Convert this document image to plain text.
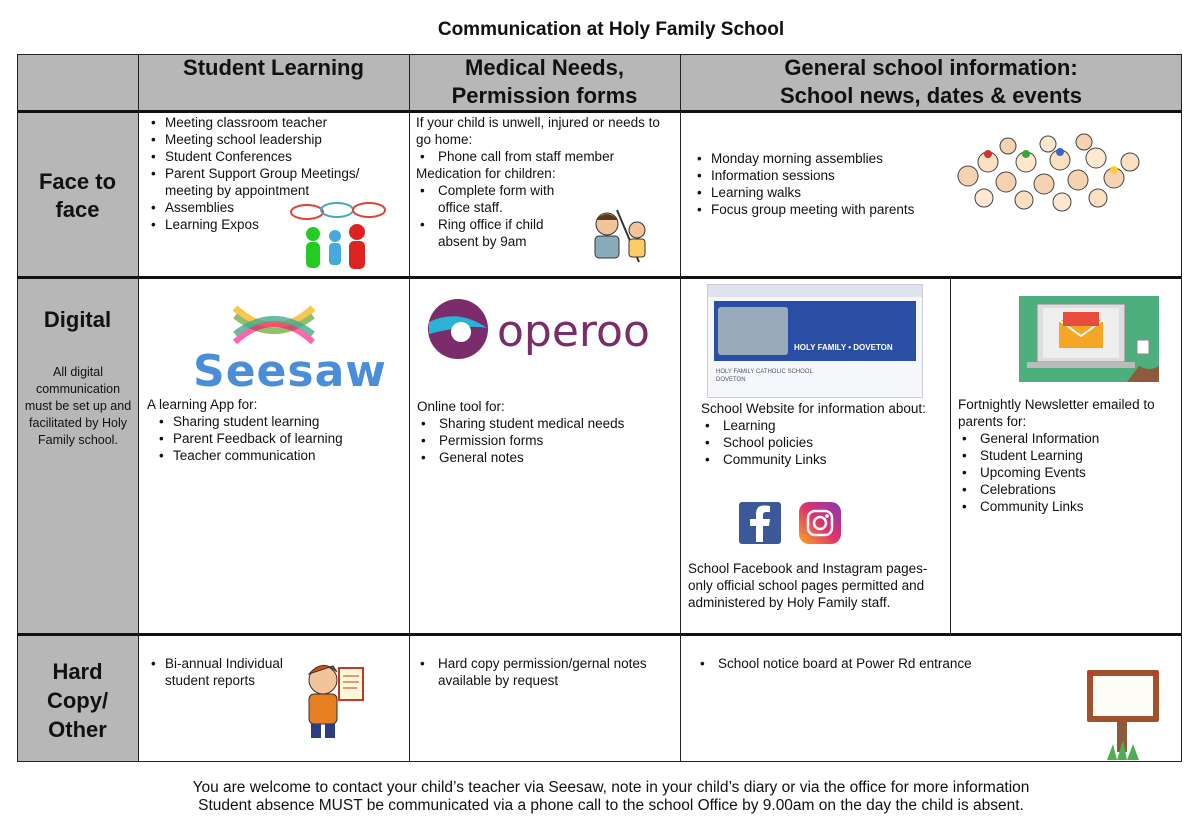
Communication at Holy Family School
Student Learning	Medical Needs,
Permission forms
General school information:
School news, dates & events
Face to
face
• Meeting classroom teacher
• Meeting school leadership
• Student Conferences
• Parent Support Group Meetings/ meeting by appointment
• Assemblies
• Learning Expos

If your child is unwell, injured or needs to go home:

• Phone call from staff member

Medication for children:

• Complete form with office staff.
• Ring office if child absent by 9am
• Monday morning assemblies
• Information sessions
• Learning walks
• Focus group meeting with parents
Digital
All digital communication must be set up and facilitated by Holy Family school.
Seesaw

A learning App for:

• Sharing student learning
• Parent Feedback of learning
• Teacher communication
operoo

Online tool for:

• Sharing student medical needs
• Permission forms
• General notes
HOLY FAMILY • DOVETON
HOLY FAMILY CATHOLIC SCHOOL
DOVETON

School Website for information about:

• Learning
• School policies
• Community Links
School Facebook and Instagram pages- only official school pages permitted and administered by Holy Family staff.

Fortnightly Newsletter emailed to parents for:

• General Information
• Student Learning
• Upcoming Events
• Celebrations
• Community Links
Hard
Copy/
Other
• Bi-annual Individual student reports
• Hard copy permission/gernal notes available by request
• School notice board at Power Rd entrance
You are welcome to contact your child’s teacher via Seesaw, note in your child’s diary or via the office for more information
Student absence MUST be communicated via a phone call to the school Office by 9.00am on the day the child is absent.
